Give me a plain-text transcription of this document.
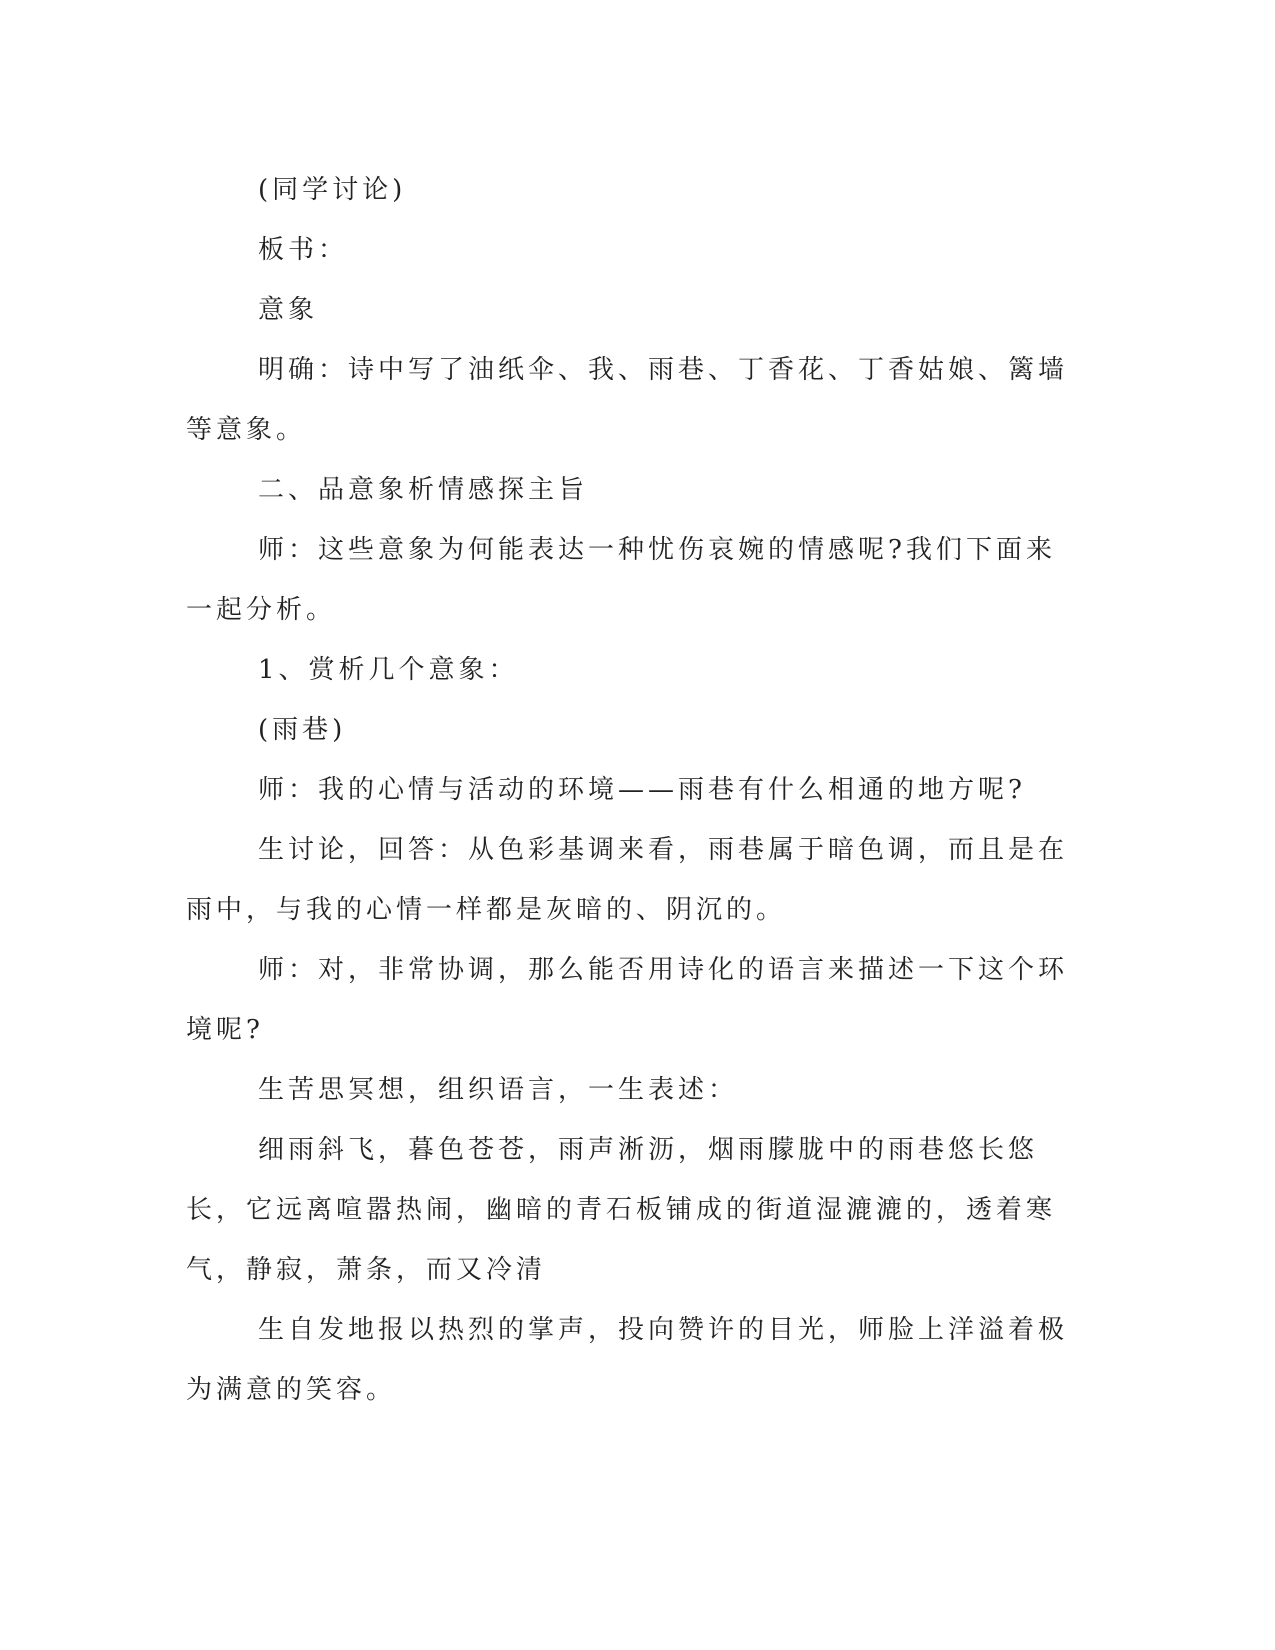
(同学讨论)

板书：

意象

明确：诗中写了油纸伞、我、雨巷、丁香花、丁香姑娘、篱墙等意象。

二、品意象析情感探主旨

师：这些意象为何能表达一种忧伤哀婉的情感呢?我们下面来一起分析。

1、赏析几个意象：

(雨巷)

师：我的心情与活动的环境——雨巷有什么相通的地方呢?

生讨论，回答：从色彩基调来看，雨巷属于暗色调，而且是在雨中，与我的心情一样都是灰暗的、阴沉的。

师：对，非常协调，那么能否用诗化的语言来描述一下这个环境呢?

生苦思冥想，组织语言，一生表述：

细雨斜飞，暮色苍苍，雨声淅沥，烟雨朦胧中的雨巷悠长悠长，它远离喧嚣热闹，幽暗的青石板铺成的街道湿漉漉的，透着寒气，静寂，萧条，而又冷清

生自发地报以热烈的掌声，投向赞许的目光，师脸上洋溢着极为满意的笑容。
